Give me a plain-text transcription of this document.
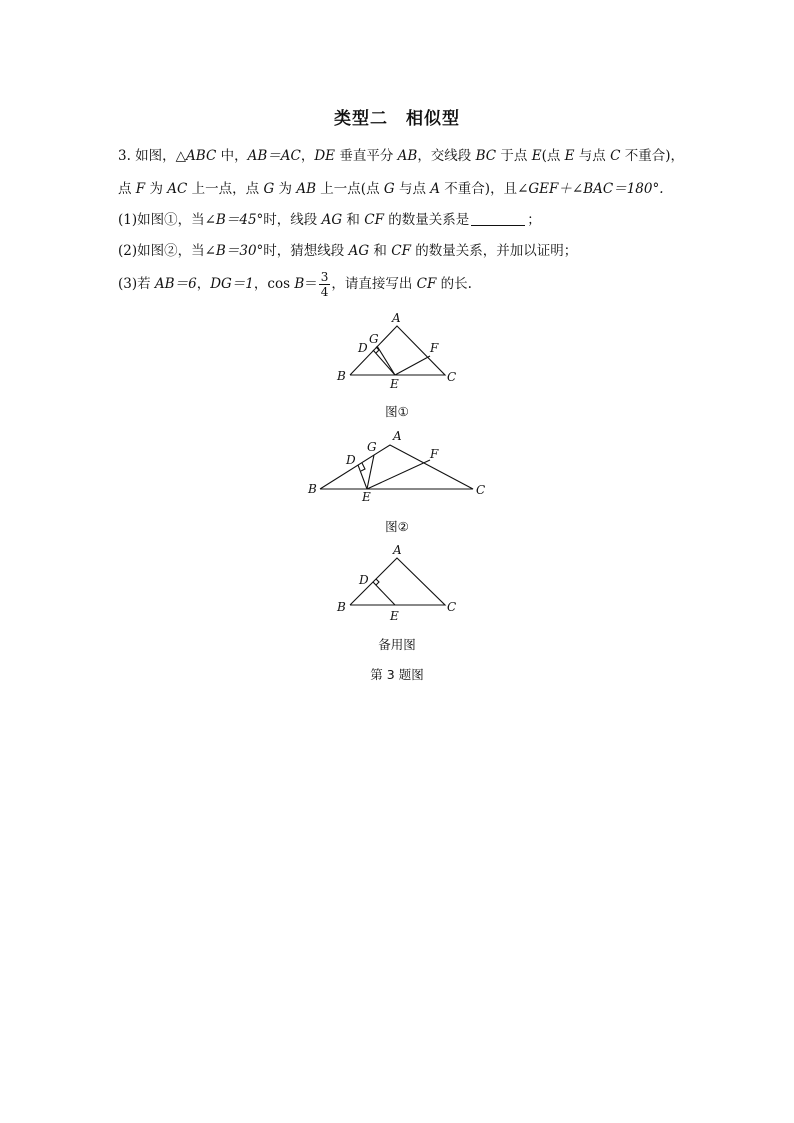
类型二　相似型
3. 如图，△ABC 中，AB＝AC，DE 垂直平分 AB，交线段 BC 于点 E(点 E 与点 C 不重合)，
点 F 为 AC 上一点，点 G 为 AB 上一点(点 G 与点 A 不重合)，且∠GEF＋∠BAC＝180°.
(1)如图①，当∠B＝45°时，线段 AG 和 CF 的数量关系是	；
(2)如图②，当∠B＝30°时，猜想线段 AG 和 CF 的数量关系，并加以证明；
(3)若 AB＝6，DG＝1，$\cos B= \frac{3}{4}$ ，请直接写出 CF 的长.
A
B	C
D
E
F
G
A
B	C
D
E
F
G
A
B	C
D
E
图①
图②
备用图
第 3 题图
